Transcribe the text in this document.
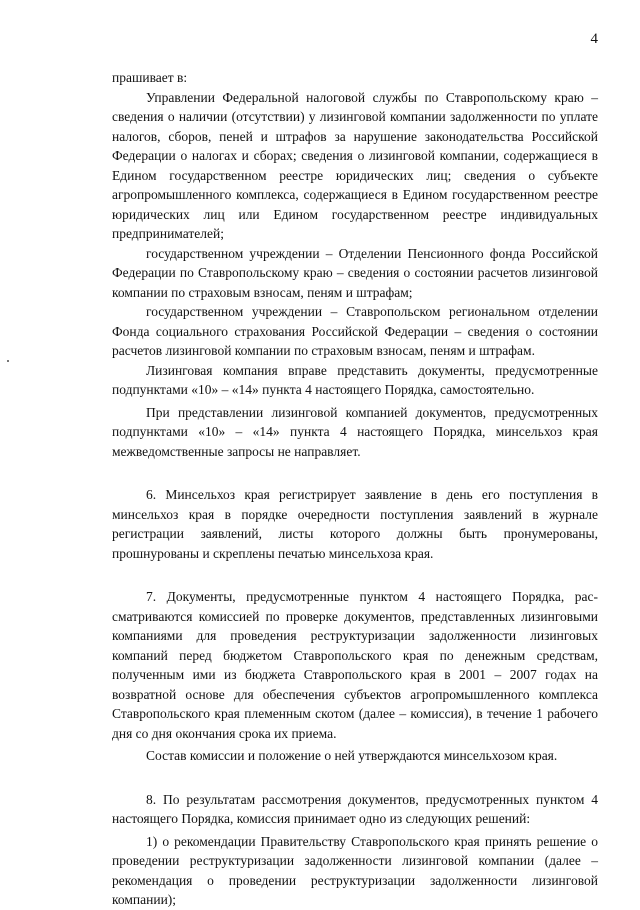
4

прашивает в:

Управлении Федеральной налоговой службы по Ставропольскому краю – сведения о наличии (отсутствии) у лизинговой компании задолженности по уплате налогов, сборов, пеней и штрафов за нарушение законодательства Российской Федерации о налогах и сборах; сведения о лизинговой компании, содержащиеся в Едином государственном реестре юридических лиц; сведения о субъекте агропромышленного комплекса, содержащиеся в Едином государственном реестре юридических лиц или Едином государственном реестре индивидуальных предпринимателей;

государственном учреждении – Отделении Пенсионного фонда Российской Федерации по Ставропольскому краю – сведения о состоянии расчетов лизинговой компании по страховым взносам, пеням и штрафам;

государственном учреждении – Ставропольском региональном отделении Фонда социального страхования Российской Федерации – сведения о состоянии расчетов лизинговой компании по страховым взносам, пеням и штрафам.

Лизинговая компания вправе представить документы, предусмотренные подпунктами «10» – «14» пункта 4 настоящего Порядка, самостоятельно.

При представлении лизинговой компанией документов, предусмотренных подпунктами «10» – «14» пункта 4 настоящего Порядка, минсельхоз края межведомственные запросы не направляет.

6. Минсельхоз края регистрирует заявление в день его поступления в минсельхоз края в порядке очередности поступления заявлений в журнале регистрации заявлений, листы которого должны быть пронумерованы, прошнурованы и скреплены печатью минсельхоза края.

7. Документы, предусмотренные пунктом 4 настоящего Порядка, рассматриваются комиссией по проверке документов, представленных лизинговыми компаниями для проведения реструктуризации задолженности лизинговых компаний перед бюджетом Ставропольского края по денежным средствам, полученным ими из бюджета Ставропольского края в 2001 – 2007 годах на возвратной основе для обеспечения субъектов агропромышленного комплекса Ставропольского края племенным скотом (далее – комиссия), в течение 1 рабочего дня со дня окончания срока их приема.

Состав комиссии и положение о ней утверждаются минсельхозом края.

8. По результатам рассмотрения документов, предусмотренных пунктом 4 настоящего Порядка, комиссия принимает одно из следующих решений:

1) о рекомендации Правительству Ставропольского края принять решение о проведении реструктуризации задолженности лизинговой компании (далее – рекомендация о проведении реструктуризации задолженности лизинговой компании);
